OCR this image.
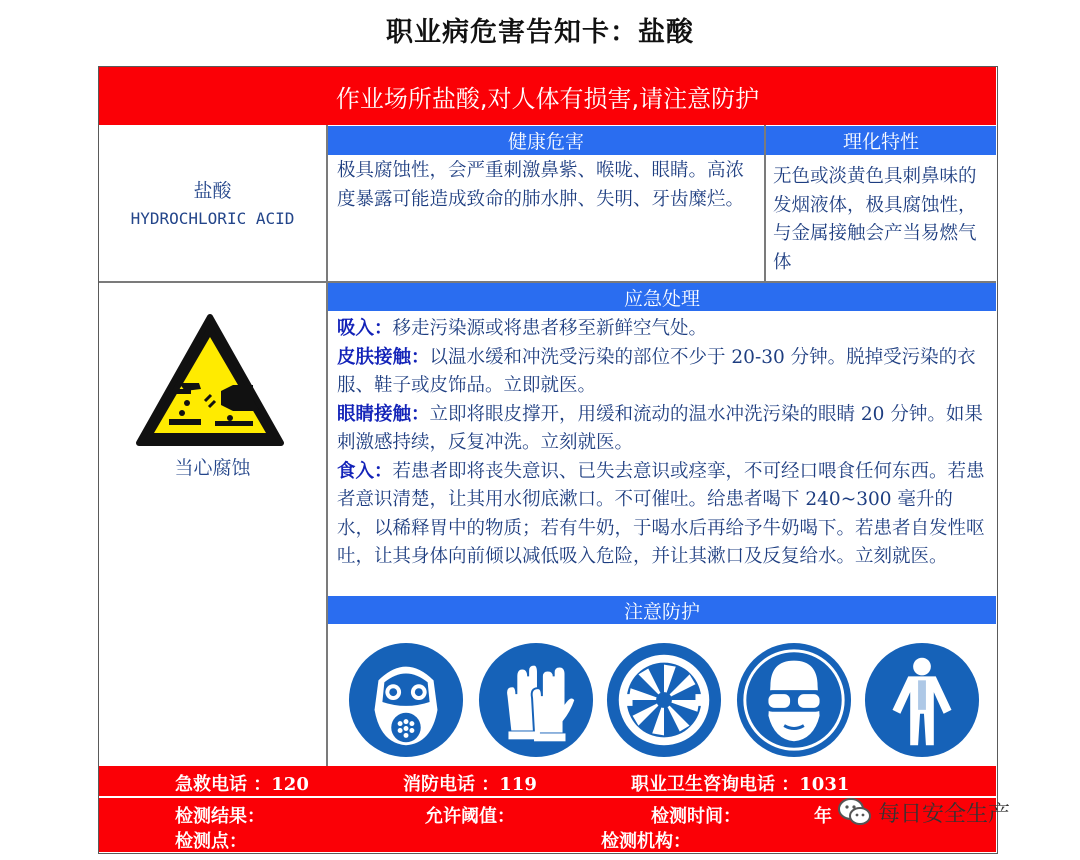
职业病危害告知卡：盐酸
作业场所盐酸,对人体有损害,请注意防护
盐酸
HYDROCHLORIC ACID
健康危害	理化特性
极具腐蚀性，会严重刺激鼻紫、喉咙、眼睛。高浓度暴露可能造成致命的肺水肿、失明、牙齿糜烂。
无色或淡黄色具刺鼻味的发烟液体，极具腐蚀性，与金属接触会产当易燃气体
当心腐蚀
应急处理
吸入：移走污染源或将患者移至新鲜空气处。
皮肤接触：以温水缓和冲洗受污染的部位不少于 20-30 分钟。脱掉受污染的衣服、鞋子或皮饰品。立即就医。
眼睛接触：立即将眼皮撑开，用缓和流动的温水冲洗污染的眼睛 20 分钟。如果刺激感持续，反复冲洗。立刻就医。
食入：若患者即将丧失意识、已失去意识或痉挛，不可经口喂食任何东西。若患者意识清楚，让其用水彻底漱口。不可催吐。给患者喝下 240~300 毫升的水，以稀释胃中的物质；若有牛奶，于喝水后再给予牛奶喝下。若患者自发性呕吐，让其身体向前倾以减低吸入危险，并让其漱口及反复给水。立刻就医。
注意防护
急救电话 ：120	消防电话 ：119	职业卫生咨询电话 ：1031
检测结果：	允许阈值：	检测时间：	年
检测点：	检测机构：
每日安全生产
